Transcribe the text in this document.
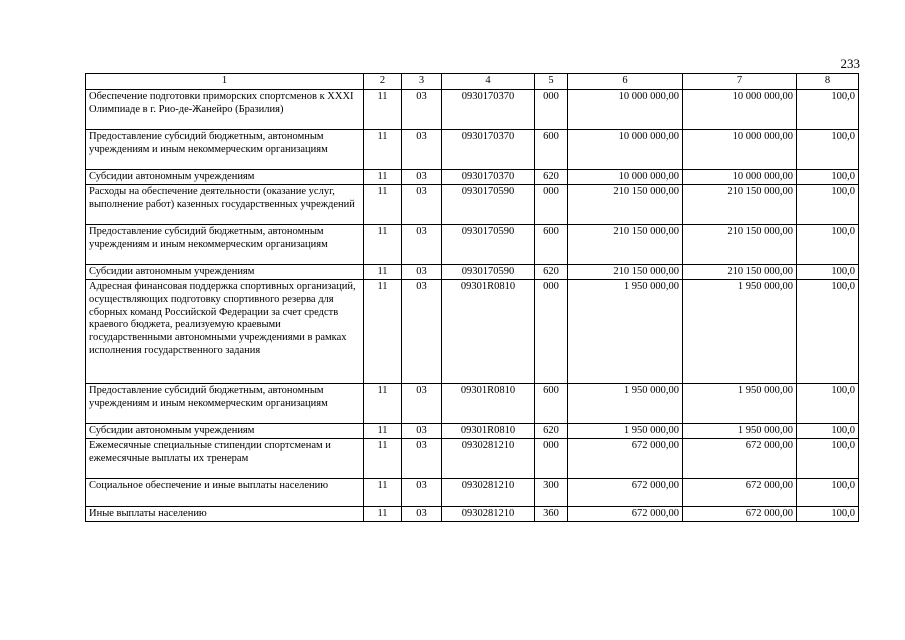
233
1	2	3	4	5	6	7	8
Обеспечение подготовки приморских спортсменов к XXXI Олимпиаде в г. Рио-де-Жанейро (Бразилия)	11	03	0930170370	000	10 000 000,00	10 000 000,00	100,0
Предоставление субсидий бюджетным, автономным учреждениям и иным некоммерческим организациям	11	03	0930170370	600	10 000 000,00	10 000 000,00	100,0
Субсидии автономным учреждениям	11	03	0930170370	620	10 000 000,00	10 000 000,00	100,0
Расходы на обеспечение деятельности (оказание услуг, выполнение работ) казенных государственных учреждений	11	03	0930170590	000	210 150 000,00	210 150 000,00	100,0
Предоставление субсидий бюджетным, автономным учреждениям и иным некоммерческим организациям	11	03	0930170590	600	210 150 000,00	210 150 000,00	100,0
Субсидии автономным учреждениям	11	03	0930170590	620	210 150 000,00	210 150 000,00	100,0
Адресная финансовая поддержка спортивных организаций, осуществляющих подготовку спортивного резерва для сборных команд Российской Федерации за счет средств краевого бюджета, реализуемую краевыми государственными автономными учреждениями в рамках исполнения государственного задания	11	03	09301R0810	000	1 950 000,00	1 950 000,00	100,0
Предоставление субсидий бюджетным, автономным учреждениям и иным некоммерческим организациям	11	03	09301R0810	600	1 950 000,00	1 950 000,00	100,0
Субсидии автономным учреждениям	11	03	09301R0810	620	1 950 000,00	1 950 000,00	100,0
Ежемесячные специальные стипендии спортсменам и ежемесячные выплаты их тренерам	11	03	0930281210	000	672 000,00	672 000,00	100,0
Социальное обеспечение и иные выплаты населению	11	03	0930281210	300	672 000,00	672 000,00	100,0
Иные выплаты населению	11	03	0930281210	360	672 000,00	672 000,00	100,0
